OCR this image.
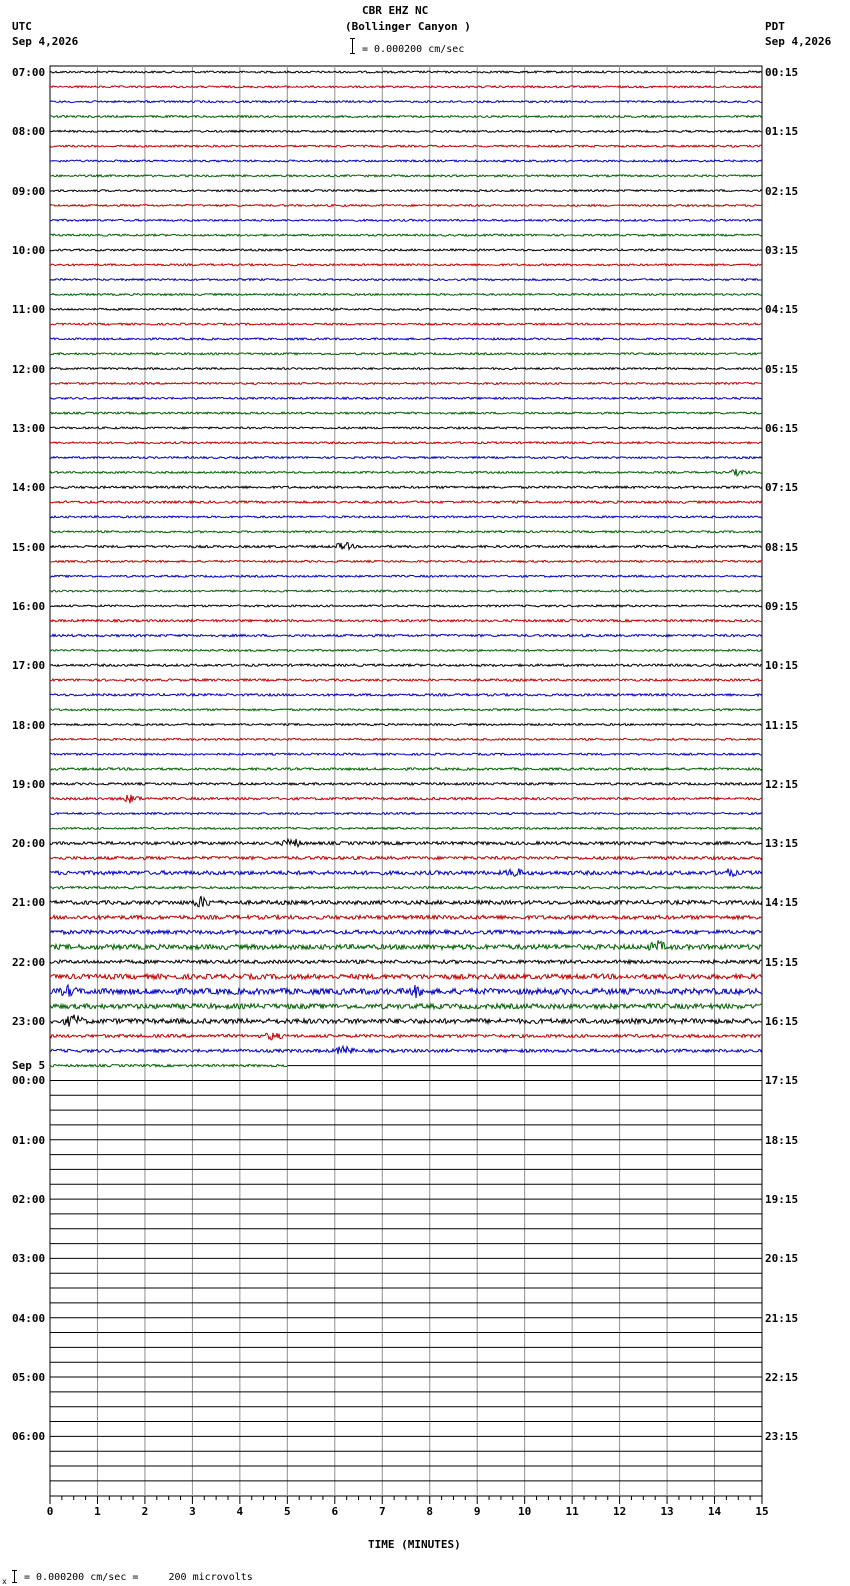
0	1	2	3	4	5	6	7	8	9	10	11	12	13	14	15
CBR EHZ NC
(Bollinger Canyon )
= 0.000200 cm/sec
UTC
Sep 4,2026
PDT
Sep 4,2026
07:00
08:00
09:00
10:00
11:00
12:00
13:00
14:00
15:00
16:00
17:00
18:00
19:00
20:00
21:00
22:00
23:00
00:00
01:00
02:00
03:00
04:00
05:00
06:00
00:15
01:15
02:15
03:15
04:15
05:15
06:15
07:15
08:15
09:15
10:15
11:15
12:15
13:15
14:15
15:15
16:15
17:15
18:15
19:15
20:15
21:15
22:15
23:15
Sep 5
TIME (MINUTES)
x = 0.000200 cm/sec =     200 microvolts
